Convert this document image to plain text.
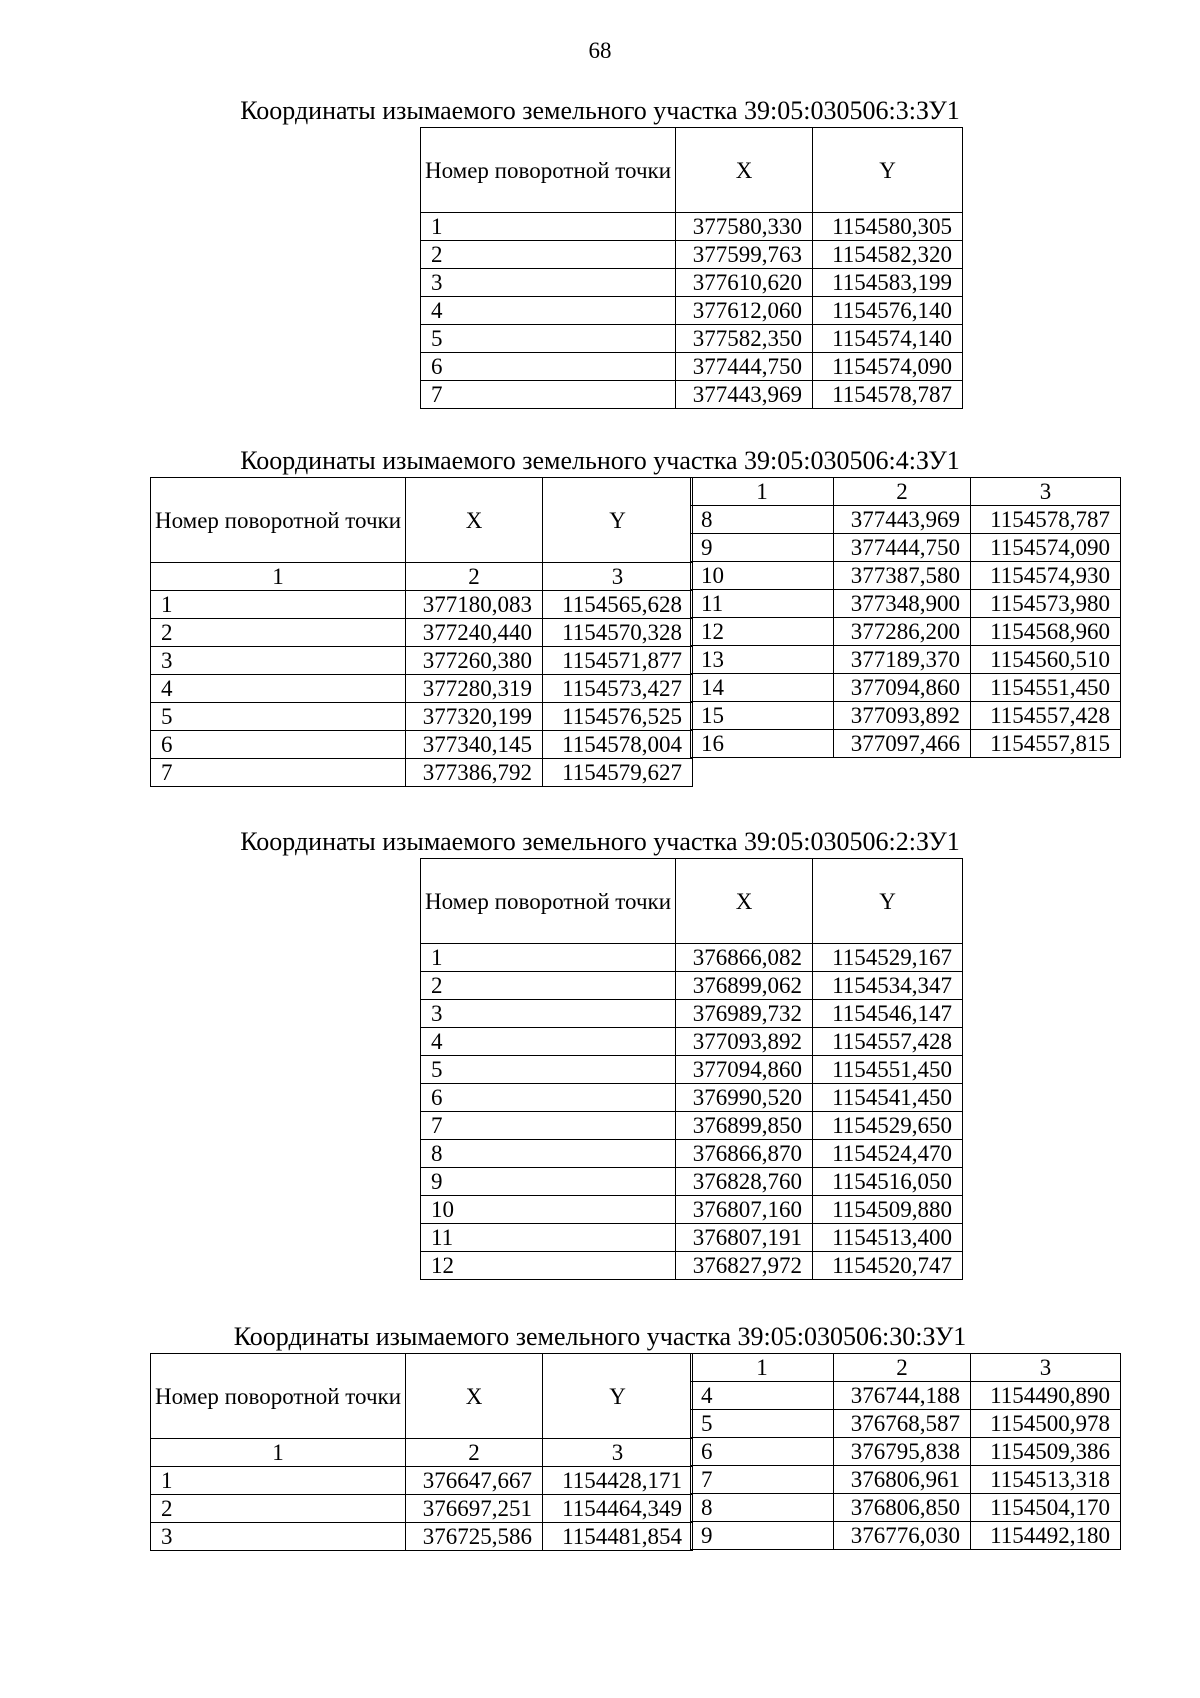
68
Координаты изымаемого земельного участка 39:05:030506:3:ЗУ1
Номер поворотной точки	X	Y
1	377580,330	1154580,305
2	377599,763	1154582,320
3	377610,620	1154583,199
4	377612,060	1154576,140
5	377582,350	1154574,140
6	377444,750	1154574,090
7	377443,969	1154578,787
Координаты изымаемого земельного участка 39:05:030506:4:ЗУ1
Номер поворотной точки	X	Y
1	2	3
1	377180,083	1154565,628
2	377240,440	1154570,328
3	377260,380	1154571,877
4	377280,319	1154573,427
5	377320,199	1154576,525
6	377340,145	1154578,004
7	377386,792	1154579,627
1	2	3
8	377443,969	1154578,787
9	377444,750	1154574,090
10	377387,580	1154574,930
11	377348,900	1154573,980
12	377286,200	1154568,960
13	377189,370	1154560,510
14	377094,860	1154551,450
15	377093,892	1154557,428
16	377097,466	1154557,815
Координаты изымаемого земельного участка 39:05:030506:2:ЗУ1
Номер поворотной точки	X	Y
1	376866,082	1154529,167
2	376899,062	1154534,347
3	376989,732	1154546,147
4	377093,892	1154557,428
5	377094,860	1154551,450
6	376990,520	1154541,450
7	376899,850	1154529,650
8	376866,870	1154524,470
9	376828,760	1154516,050
10	376807,160	1154509,880
11	376807,191	1154513,400
12	376827,972	1154520,747
Координаты изымаемого земельного участка 39:05:030506:30:ЗУ1
Номер поворотной точки	X	Y
1	2	3
1	376647,667	1154428,171
2	376697,251	1154464,349
3	376725,586	1154481,854
1	2	3
4	376744,188	1154490,890
5	376768,587	1154500,978
6	376795,838	1154509,386
7	376806,961	1154513,318
8	376806,850	1154504,170
9	376776,030	1154492,180
